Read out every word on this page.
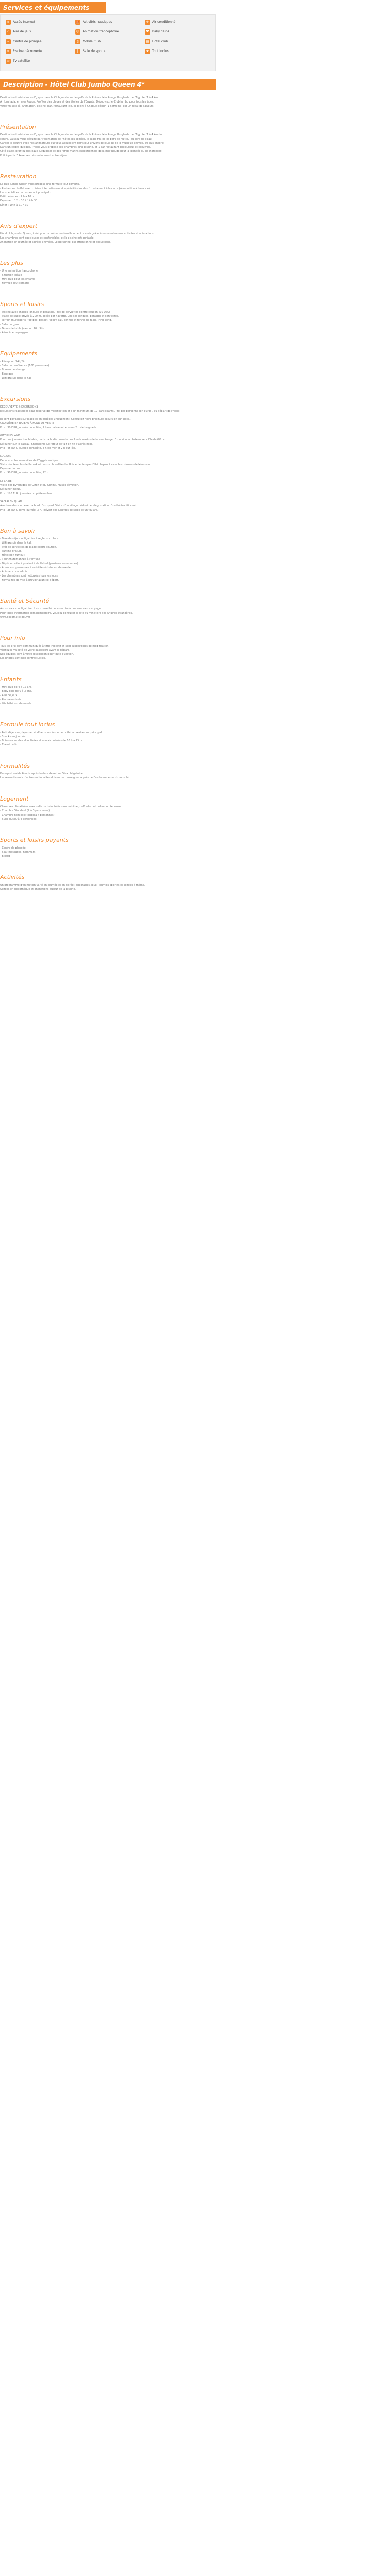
Services et équipements
≋ Accès Internet	⛵ Activités nautiques	❄ Air conditionné
⌂ Aire de jeux	☺ Animation francophone	♥ Baby clubs
≈ Centre de plongée	▯ Mobile Club	▦ Hôtel club
≈ Piscine découverte	‖ Salle de sports	★ Tout inclus
▭ Tv satellite
Description - Hôtel Club Jumbo Queen 4*
Destination tout-inclus en Égypte dans le Club Jumbo sur le golfe de la Ruines. Mer Rouge Hurghada de l'Egypte, 1 à 4 km
A Hurghada, en mer Rouge. Profitez des plages et des étoiles de l'Égypte. Découvrez le Club Jumbo pour tous les âges.
Votre fin sera là. Animation, piscine, bar, restaurant (de, ce bien) à Chaque séjour (1 Semaine) est un régal de saveurs.
Présentation
Destination tout-inclus en Égypte dans le Club Jumbo sur le golfe de la Ruines. Mer Rouge Hurghada de l'Egypte, 1 à 4 km du
centre. Laissez-vous séduire par l'animation de l'hôtel, les soirées, le sable fin, et les bars de nuit ou au bord de l'eau.
Gardez le sourire avec nos animateurs qui vous accueillent dans leur univers de jeux ou de la musique animée, et plus encore.
Dans un cadre idyllique, l'hôtel vous propose ses chambres, une piscine, et 1 bar-restaurant chaleureux et convivial.
Côté plage, profitez des eaux turquoises et des fonds marins exceptionnels de la mer Rouge pour la plongée ou le snorkeling.
Prêt à partir ? Réservez dès maintenant votre séjour.
Restauration
Le club Jumbo Queen vous propose une formule tout compris.
- Restaurant buffet avec cuisine internationale et spécialités locales. 1 restaurant à la carte (réservation à l'avance).
Les spécialités du restaurant principal :
Petit déjeuner : 7 h à 10 h
Déjeuner : 12 h 30 à 14 h 30
Dîner : 19 h à 21 h 30
Avis d'expert
Hôtel club Jumbo Queen, idéal pour un séjour en famille ou entre amis grâce à ses nombreuses activités et animations.
Les chambres sont spacieuses et confortables, et la piscine est agréable.
Animation en journée et soirées animées. Le personnel est attentionné et accueillant.
Les plus
- Une animation francophone
- Situation idéale
- Mini club pour les enfants
- Formule tout compris
Sports et loisirs
- Piscine avec chaises longues et parasols. Prêt de serviettes contre caution (10 US$)
- Plage de sable privée à 200 m, accès par navette. Chaises longues, parasols et serviettes.
- Terrain multisports (football, basket, volley-ball, tennis) et tennis de table. Ping-pong.
- Salle de gym
- Tennis de table (caution 10 US$)
- Aérobic et aquagym
Equipements
- Réception 24h/24
- Salle de conférence (100 personnes)
- Bureau de change
- Boutique
- Wifi gratuit dans le hall
Excursions
DECOUVERTE & EXCURSIONS
Excursions réalisables sous réserve de modification et d'un minimum de 10 participants. Prix par personne (en euros), au départ de l'hôtel.

Ils sont payables sur place et en espèces uniquement. Consultez notre brochure excursion sur place.
CROISIÈRE EN BATEAU À FOND DE VERRE
Prix : 30 EUR, journée complète, 1 h en bateau et environ 2 h de baignade.

GIFTUN ISLAND
Pour une journée inoubliable, partez à la découverte des fonds marins de la mer Rouge. Excursion en bateau vers l'île de Giftun.
Déjeuner sur le bateau. Snorkeling. Le retour se fait en fin d'après-midi.
Prix : 45 EUR, journée complète, 4 h en mer et 2 h sur l'île.

LOUXOR
Découvrez les merveilles de l'Égypte antique.
Visite des temples de Karnak et Louxor, la vallée des Rois et le temple d'Hatchepsout avec les colosses de Memnon.
Déjeuner inclus.
Prix : 90 EUR, journée complète, 12 h.

LE CAIRE
Visite des pyramides de Gizeh et du Sphinx. Musée égyptien.
Déjeuner inclus.
Prix : 120 EUR, journée complète en bus.

SAFARI EN QUAD
Aventure dans le désert à bord d'un quad. Visite d'un village bédouin et dégustation d'un thé traditionnel.
Prix : 35 EUR, demi-journée, 3 h. Prévoir des lunettes de soleil et un foulard.
Bon à savoir
- Taxe de séjour obligatoire à régler sur place.
- Wifi gratuit dans le hall.
- Prêt de serviettes de plage contre caution.
- Parking gratuit.
- Hôtel non-fumeur.
- Caution demandée à l'arrivée.
- Dépôt en ville à proximité de l'hôtel (plusieurs commerces).
- Accès aux personnes à mobilité réduite sur demande.
- Animaux non admis.
- Les chambres sont nettoyées tous les jours.
- Formalités de visa à prévoir avant le départ.
Santé et Sécurité
Aucun vaccin obligatoire. Il est conseillé de souscrire à une assurance voyage.
Pour toute information complémentaire, veuillez consulter le site du ministère des Affaires étrangères.
www.diplomatie.gouv.fr
Pour info
Tous les prix sont communiqués à titre indicatif et sont susceptibles de modification.
Vérifiez la validité de votre passeport avant le départ.
Nos équipes sont à votre disposition pour toute question.
Les photos sont non contractuelles.
Enfants
- Mini club de 4 à 12 ans.
- Baby club de 0 à 3 ans.
- Aire de jeux.
- Piscine enfants.
- Lits bébé sur demande.
Formule tout inclus
- Petit déjeuner, déjeuner et dîner sous forme de buffet au restaurant principal.
- Snacks en journée.
- Boissons locales alcoolisées et non alcoolisées de 10 h à 23 h.
- Thé et café.
Formalités
Passeport valide 6 mois après la date de retour. Visa obligatoire.
Les ressortissants d'autres nationalités doivent se renseigner auprès de l'ambassade ou du consulat.
Logement
Chambres climatisées avec salle de bain, télévision, minibar, coffre-fort et balcon ou terrasse.
- Chambre Standard (2 à 3 personnes)
- Chambre Familiale (jusqu'à 4 personnes)
- Suite (jusqu'à 4 personnes)
Sports et loisirs payants
- Centre de plongée
- Spa (massages, hammam)
- Billard
Activités
Un programme d'animation varié en journée et en soirée : spectacles, jeux, tournois sportifs et soirées à thème.
Soirées en discothèque et animations autour de la piscine.
